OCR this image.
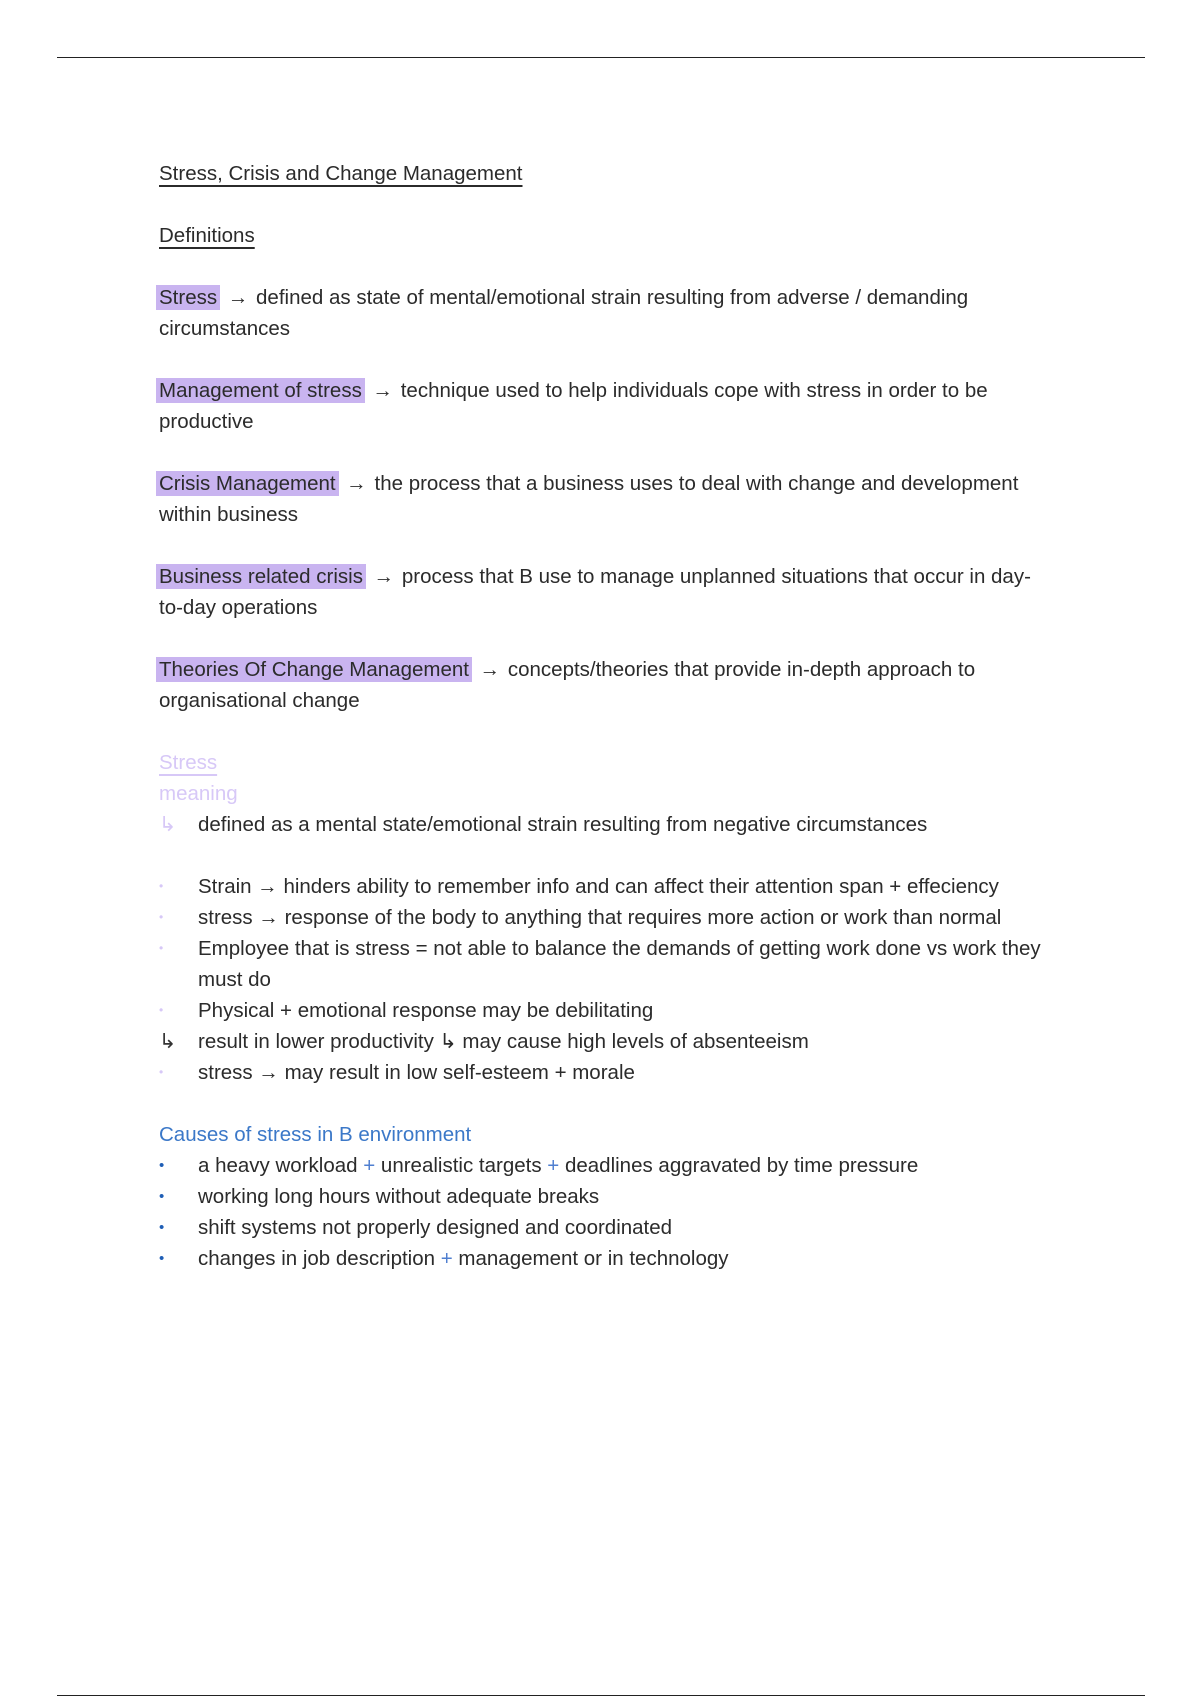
Stress, Crisis and Change Management

Definitions

Stress → defined as state of mental/emotional strain resulting from adverse / demanding circumstances

Management of stress → technique used to help individuals cope with stress in order to be productive

Crisis Management → the process that a business uses to deal with change and development within business

Business related crisis → process that B use to manage unplanned situations that occur in day-to-day operations

Theories Of Change Management → concepts/theories that provide in-depth approach to organisational change

Stress

meaning

↳	defined as a mental state/emotional strain resulting from negative circumstances

•	Strain → hinders ability to remember info and can affect their attention span + effeciency

•	stress → response of the body to anything that requires more action or work than normal

•	Employee that is stress = not able to balance the demands of getting work done vs work they must do

•	Physical + emotional response may be debilitating

↳	result in lower productivity ↳ may cause high levels of absenteeism

•	stress → may result in low self-esteem + morale

Causes of stress in B environment

•	a heavy workload + unrealistic targets + deadlines aggravated by time pressure

•	working long hours without adequate breaks

•	shift systems not properly designed and coordinated

•	changes in job description + management or in technology
